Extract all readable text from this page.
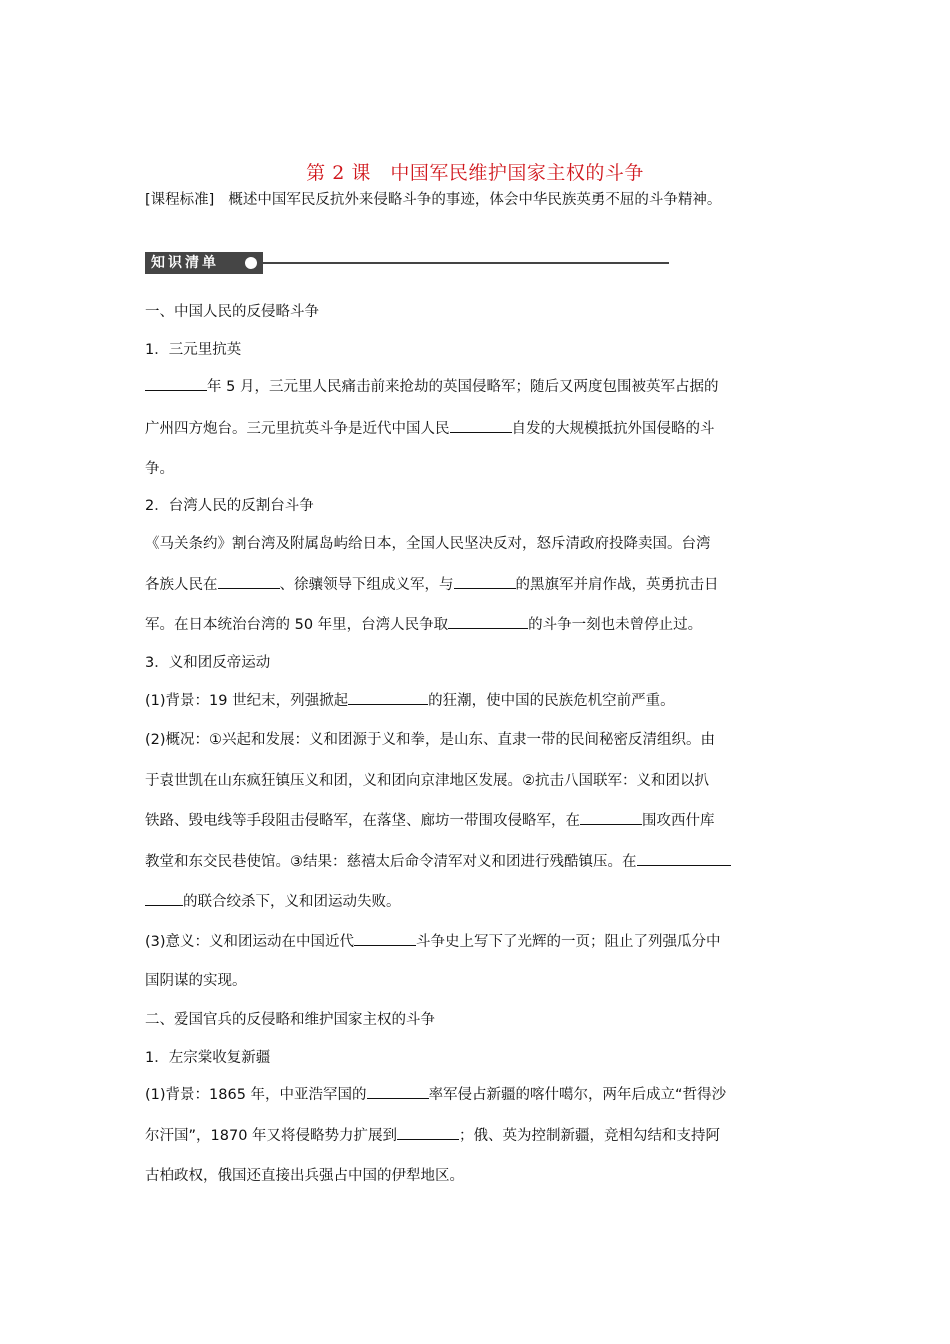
第 2 课　中国军民维护国家主权的斗争
[课程标准] 概述中国军民反抗外来侵略斗争的事迹，体会中华民族英勇不屈的斗争精神。
知识清单
一、中国人民的反侵略斗争
1．三元里抗英
年 5 月，三元里人民痛击前来抢劫的英国侵略军；随后又两度包围被英军占据的
广州四方炮台。三元里抗英斗争是近代中国人民	自发的大规模抵抗外国侵略的斗
争。
2．台湾人民的反割台斗争
《马关条约》割台湾及附属岛屿给日本，全国人民坚决反对，怒斥清政府投降卖国。台湾
各族人民在	、徐骧领导下组成义军，与	的黑旗军并肩作战，英勇抗击日
军。在日本统治台湾的 50 年里，台湾人民争取	的斗争一刻也未曾停止过。
3．义和团反帝运动
(1)背景：19 世纪末，列强掀起	的狂潮，使中国的民族危机空前严重。
(2)概况：①兴起和发展：义和团源于义和拳，是山东、直隶一带的民间秘密反清组织。由
于袁世凯在山东疯狂镇压义和团，义和团向京津地区发展。②抗击八国联军：义和团以扒
铁路、毁电线等手段阻击侵略军，在落垡、廊坊一带围攻侵略军，在	围攻西什库
教堂和东交民巷使馆。③结果：慈禧太后命令清军对义和团进行残酷镇压。在
的联合绞杀下，义和团运动失败。
(3)意义：义和团运动在中国近代	斗争史上写下了光辉的一页；阻止了列强瓜分中
国阴谋的实现。
二、爱国官兵的反侵略和维护国家主权的斗争
1．左宗棠收复新疆
(1)背景：1865 年，中亚浩罕国的	率军侵占新疆的喀什噶尔，两年后成立“哲得沙
尔汗国”，1870 年又将侵略势力扩展到	；俄、英为控制新疆，竞相勾结和支持阿
古柏政权，俄国还直接出兵强占中国的伊犁地区。
